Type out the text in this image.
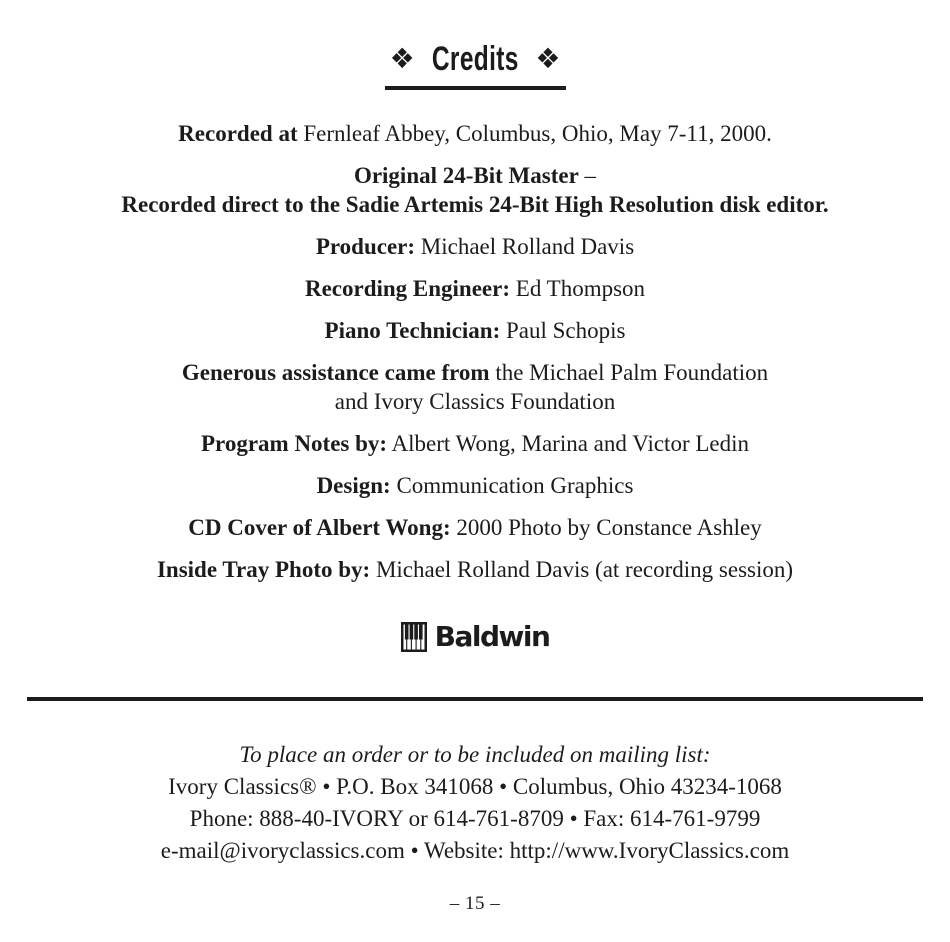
❖ Credits ❖

Recorded at Fernleaf Abbey, Columbus, Ohio, May 7-11, 2000.

Original 24-Bit Master –

Recorded direct to the Sadie Artemis 24-Bit High Resolution disk editor.

Producer: Michael Rolland Davis

Recording Engineer: Ed Thompson

Piano Technician: Paul Schopis

Generous assistance came from the Michael Palm Foundation

and Ivory Classics Foundation

Program Notes by: Albert Wong, Marina and Victor Ledin

Design: Communication Graphics

CD Cover of Albert Wong: 2000 Photo by Constance Ashley

Inside Tray Photo by: Michael Rolland Davis (at recording session)

Baldwin

To place an order or to be included on mailing list:

Ivory Classics® • P.O. Box 341068 • Columbus, Ohio 43234-1068

Phone: 888-40-IVORY or 614-761-8709 • Fax: 614-761-9799

e-mail@ivoryclassics.com • Website: http://www.IvoryClassics.com

– 15 –
